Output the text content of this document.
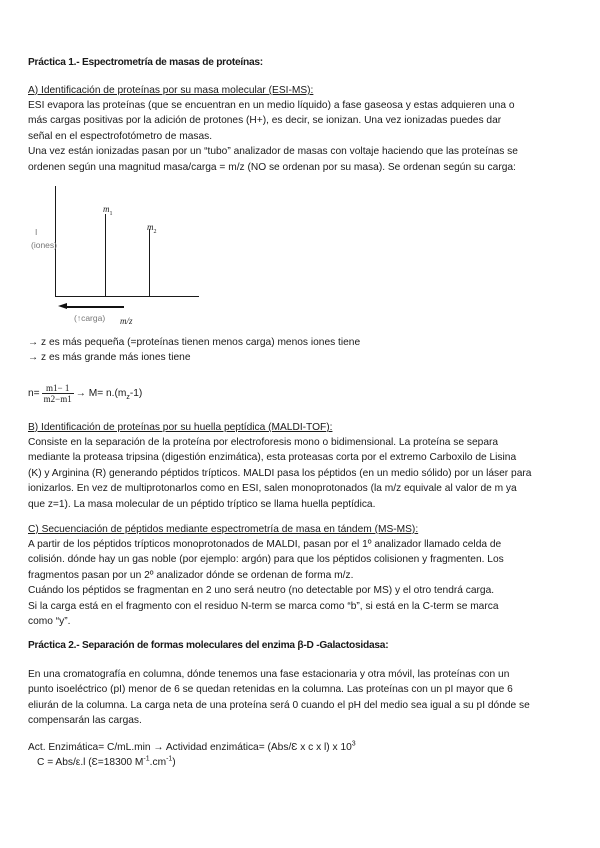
Práctica 1.- Espectrometría de masas de proteínas:
A) Identificación de proteínas por su masa molecular (ESI-MS):
ESI evapora las proteínas (que se encuentran en un medio líquido) a fase gaseosa y estas adquieren una o
más cargas positivas por la adición de protones (H+), es decir, se ionizan. Una vez ionizadas puedes dar
señal en el espectrofotómetro de masas.
Una vez están ionizadas pasan por un “tubo” analizador de masas con voltaje haciendo que las proteínas se
ordenen según una magnitud masa/carga = m/z (NO se ordenan por su masa). Se ordenan según su carga:
I
(iones)
$m_1$
$m_2$
(↑carga) m/z
→ z es más pequeña (=proteínas tienen menos carga) menos iones tiene
→ z es más grande más iones tiene
$n= \frac{m1- 1}{m2-m1} \to M= n.(m_z-1)$
B) Identificación de proteínas por su huella peptídica (MALDI-TOF):
Consiste en la separación de la proteína por electroforesis mono o bidimensional. La proteína se separa
mediante la proteasa tripsina (digestión enzimática), esta proteasas corta por el extremo Carboxilo de Lisina
(K) y Arginina (R) generando péptidos trípticos. MALDI pasa los péptidos (en un medio sólido) por un láser para
ionizarlos. En vez de multiprotonarlos como en ESI, salen monoprotonados (la m/z equivale al valor de m ya
que z=1). La masa molecular de un péptido tríptico se llama huella peptídica.
C) Secuenciación de péptidos mediante espectrometría de masa en tándem (MS-MS):
A partir de los péptidos trípticos monoprotonados de MALDI, pasan por el 1º analizador llamado celda de
colisión. dónde hay un gas noble (por ejemplo: argón) para que los péptidos colisionen y fragmenten. Los
fragmentos pasan por un 2º analizador dónde se ordenan de forma m/z.
Cuándo los péptidos se fragmentan en 2 uno será neutro (no detectable por MS) y el otro tendrá carga.
Si la carga está en el fragmento con el residuo N-term se marca como “b”, si está en la C-term se marca
como “y”.
Práctica 2.- Separación de formas moleculares del enzima β-D -Galactosidasa:
En una cromatografía en columna, dónde tenemos una fase estacionaria y otra móvil, las proteínas con un
punto isoeléctrico (pI) menor de 6 se quedan retenidas en la columna. Las proteínas con un pI mayor que 6
eliurán de la columna. La carga neta de una proteína será 0 cuando el pH del medio sea igual a su pI dónde se
compensarán las cargas.
Act. Enzimática= C/mL.min → Actividad enzimática= (Abs/Ɛ x c x l) x $10^3$
C = Abs/ε.l (Ɛ=18300 $M^{-1}.cm^{-1}$)
